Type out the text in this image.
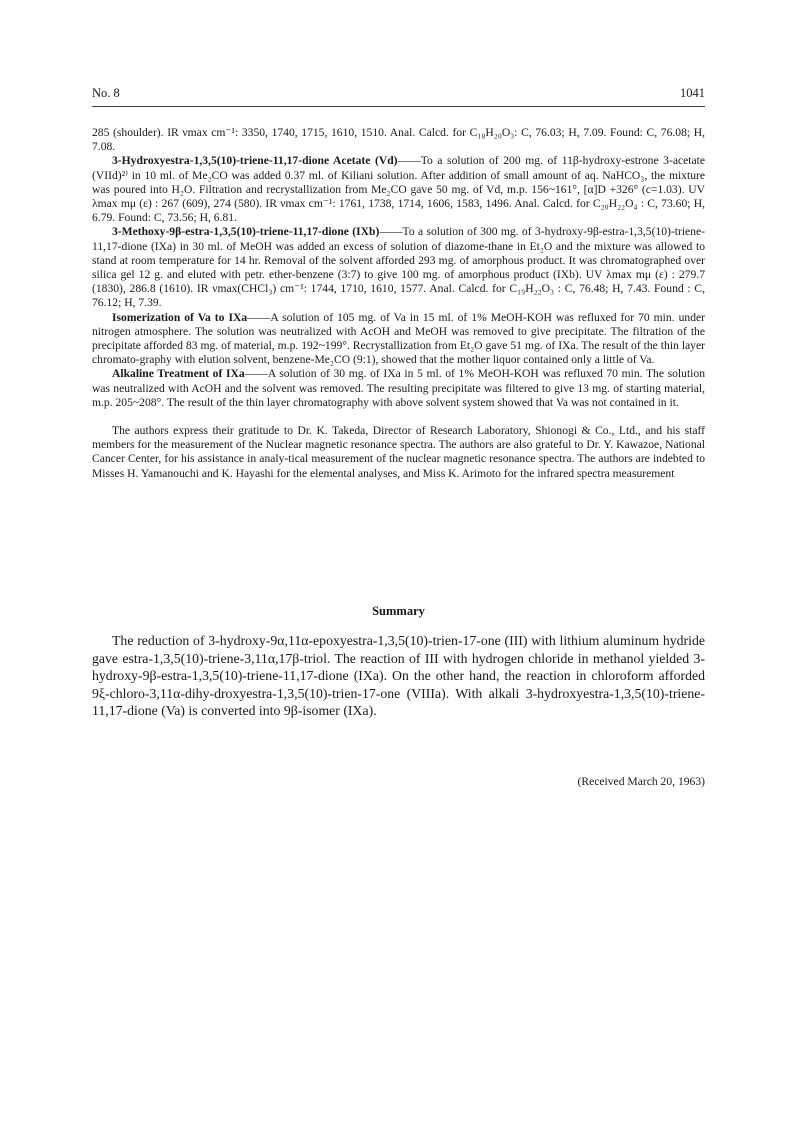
No. 8	1041

285 (shoulder). IR νmax cm⁻¹: 3350, 1740, 1715, 1610, 1510. Anal. Calcd. for C₁₈H₂₀O₃: C, 76.03; H, 7.09. Found: C, 76.08; H, 7.08.

3-Hydroxyestra-1,3,5(10)-triene-11,17-dione Acetate (Vd)——To a solution of 200 mg. of 11β-hydroxy-estrone 3-acetate (VIId)²⁾ in 10 ml. of Me₂CO was added 0.37 ml. of Kiliani solution. After addition of small amount of aq. NaHCO₃, the mixture was poured into H₂O. Filtration and recrystallization from Me₂CO gave 50 mg. of Vd, m.p. 156~161°, [α]D +326° (c=1.03). UV λmax mμ (ε) : 267 (609), 274 (580). IR νmax cm⁻¹: 1761, 1738, 1714, 1606, 1583, 1496. Anal. Calcd. for C₂₀H₂₂O₄ : C, 73.60; H, 6.79. Found: C, 73.56; H, 6.81.

3-Methoxy-9β-estra-1,3,5(10)-triene-11,17-dione (IXb)——To a solution of 300 mg. of 3-hydroxy-9β-estra-1,3,5(10)-triene-11,17-dione (IXa) in 30 ml. of MeOH was added an excess of solution of diazome-thane in Et₂O and the mixture was allowed to stand at room temperature for 14 hr. Removal of the solvent afforded 293 mg. of amorphous product. It was chromatographed over silica gel 12 g. and eluted with petr. ether-benzene (3:7) to give 100 mg. of amorphous product (IXb). UV λmax mμ (ε) : 279.7 (1830), 286.8 (1610). IR νmax(CHCl₃) cm⁻¹: 1744, 1710, 1610, 1577. Anal. Calcd. for C₁₉H₂₂O₃ : C, 76.48; H, 7.43. Found : C, 76.12; H, 7.39.

Isomerization of Va to IXa——A solution of 105 mg. of Va in 15 ml. of 1% MeOH-KOH was refluxed for 70 min. under nitrogen atmosphere. The solution was neutralized with AcOH and MeOH was removed to give precipitate. The filtration of the precipitate afforded 83 mg. of material, m.p. 192~199°. Recrystallization from Et₂O gave 51 mg. of IXa. The result of the thin layer chromato-graphy with elution solvent, benzene-Me₂CO (9:1), showed that the mother liquor contained only a little of Va.

Alkaline Treatment of IXa——A solution of 30 mg. of IXa in 5 ml. of 1% MeOH-KOH was refluxed 70 min. The solution was neutralized with AcOH and the solvent was removed. The resulting precipitate was filtered to give 13 mg. of starting material, m.p. 205~208°. The result of the thin layer chromatography with above solvent system showed that Va was not contained in it.

The authors express their gratitude to Dr. K. Takeda, Director of Research Laboratory, Shionogi & Co., Ltd., and his staff members for the measurement of the Nuclear magnetic resonance spectra. The authors are also grateful to Dr. Y. Kawazoe, National Cancer Center, for his assistance in analy-tical measurement of the nuclear magnetic resonance spectra. The authors are indebted to Misses H. Yamanouchi and K. Hayashi for the elemental analyses, and Miss K. Arimoto for the infrared spectra measurement

Summary

The reduction of 3-hydroxy-9α,11α-epoxyestra-1,3,5(10)-trien-17-one (III) with lithium aluminum hydride gave estra-1,3,5(10)-triene-3,11α,17β-triol. The reaction of III with hydrogen chloride in methanol yielded 3-hydroxy-9β-estra-1,3,5(10)-triene-11,17-dione (IXa). On the other hand, the reaction in chloroform afforded 9ξ-chloro-3,11α-dihy-droxyestra-1,3,5(10)-trien-17-one (VIIIa). With alkali 3-hydroxyestra-1,3,5(10)-triene-11,17-dione (Va) is converted into 9β-isomer (IXa).

(Received March 20, 1963)
